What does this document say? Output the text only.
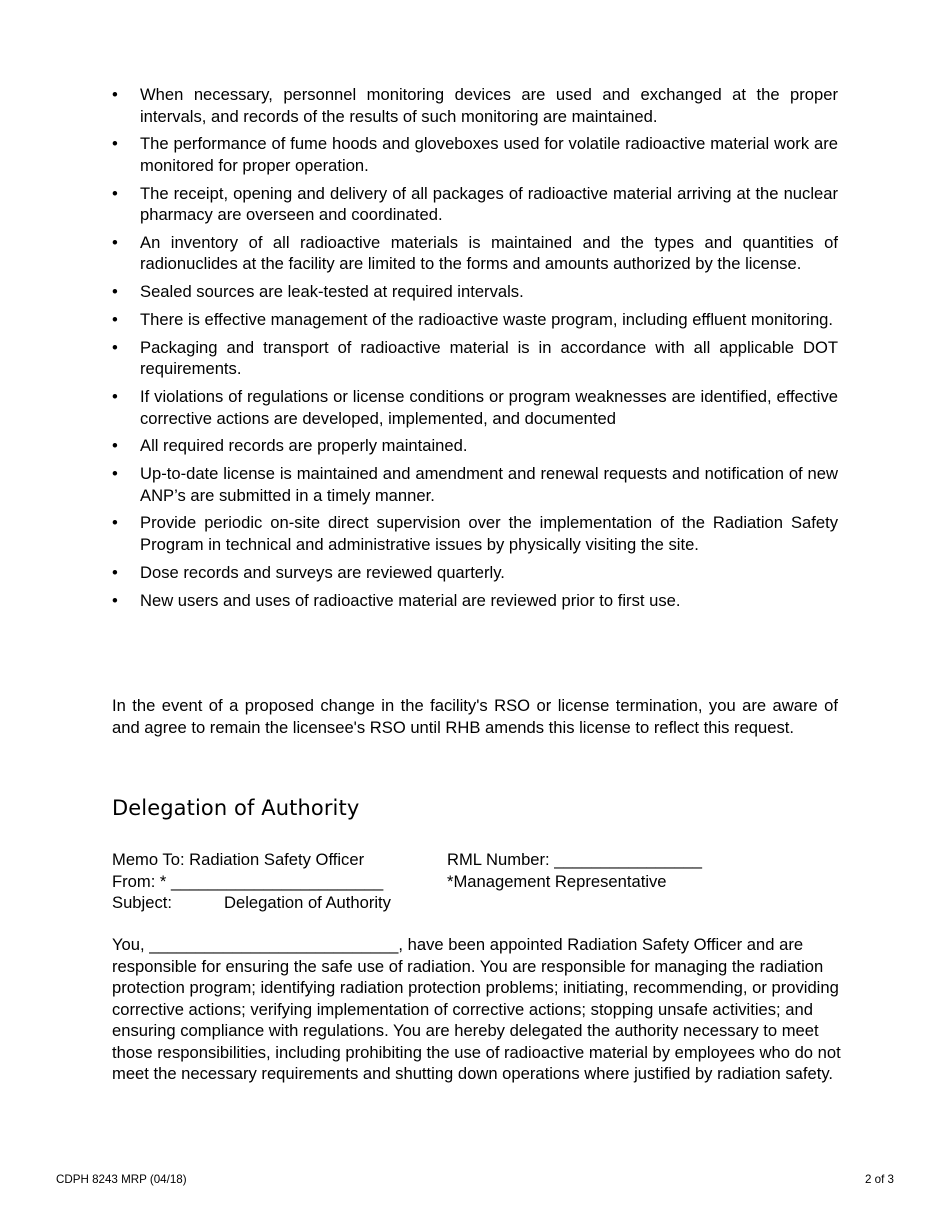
• When necessary, personnel monitoring devices are used and exchanged at the proper intervals, and records of the results of such monitoring are maintained.
• The performance of fume hoods and gloveboxes used for volatile radioactive material work are monitored for proper operation.
• The receipt, opening and delivery of all packages of radioactive material arriving at the nuclear pharmacy are overseen and coordinated.
• An inventory of all radioactive materials is maintained and the types and quantities of radionuclides at the facility are limited to the forms and amounts authorized by the license.
• Sealed sources are leak-tested at required intervals.
• There is effective management of the radioactive waste program, including effluent monitoring.
• Packaging and transport of radioactive material is in accordance with all applicable DOT requirements.
• If violations of regulations or license conditions or program weaknesses are identified, effective corrective actions are developed, implemented, and documented
• All required records are properly maintained.
• Up-to-date license is maintained and amendment and renewal requests and notification of new ANP’s are submitted in a timely manner.
• Provide periodic on-site direct supervision over the implementation of the Radiation Safety Program in technical and administrative issues by physically visiting the site.
• Dose records and surveys are reviewed quarterly.
• New users and uses of radioactive material are reviewed prior to first use.

In the event of a proposed change in the facility's RSO or license termination, you are aware of and agree to remain the licensee's RSO until RHB amends this license to reflect this request.

Delegation of Authority
Memo To: Radiation Safety Officer	RML Number: ________________
From: * _______________________	*Management Representative
Subject:	Delegation of Authority

You, ___________________________, have been appointed Radiation Safety Officer and are responsible for ensuring the safe use of radiation. You are responsible for managing the radiation protection program; identifying radiation protection problems; initiating, recommending, or providing corrective actions; verifying implementation of corrective actions; stopping unsafe activities; and ensuring compliance with regulations. You are hereby delegated the authority necessary to meet those responsibilities, including prohibiting the use of radioactive material by employees who do not meet the necessary requirements and shutting down operations where justified by radiation safety.

CDPH 8243 MRP (04/18)	2 of 3
